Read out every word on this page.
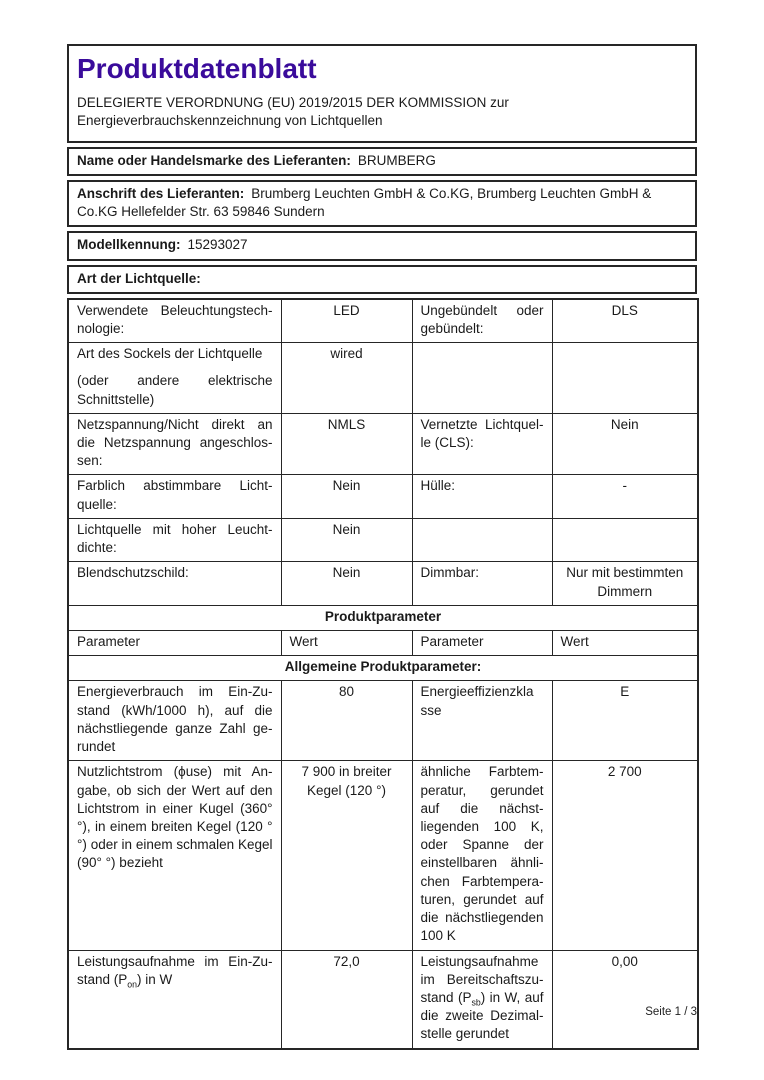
Produktdatenblatt

DELEGIERTE VERORDNUNG (EU) 2019/2015 DER KOMMISSION zur Energieverbrauchskennzeichnung von Lichtquellen

Name oder Handelsmarke des Lieferanten: BRUMBERG

Anschrift des Lieferanten: Brumberg Leuchten GmbH & Co.KG, Brumberg Leuchten GmbH & Co.KG Hellefelder Str. 63 59846 Sundern

Modellkennung: 15293027

Art der Lichtquelle:

Verwendete Beleuchtungstechnologie:	LED	Ungebündelt oder gebündelt:	DLS

Art des Sockels der Lichtquelle
(oder andere elektrische Schnittstelle)	wired		
Netzspannung/Nicht direkt an die Netzspannung angeschlossen:	NMLS	Vernetzte Lichtquelle (CLS):	Nein
Farblich abstimmbare Lichtquelle:	Nein	Hülle:	-
Lichtquelle mit hoher Leuchtdichte:	Nein		
Blendschutzschild:	Nein	Dimmbar:	Nur mit bestimmten Dimmern
Produktparameter			
Parameter	Wert	Parameter	Wert
Allgemeine Produktparameter:			
Energieverbrauch im Ein-Zustand (kWh/1000 h), auf die nächstliegende ganze Zahl gerundet	80	Energieeffizienzklasse	E
Nutzlichtstrom (ϕuse) mit Angabe, ob sich der Wert auf den Lichtstrom in einer Kugel (360° °), in einem breiten Kegel (120 °°) oder in einem schmalen Kegel (90° °) bezieht	7 900 in breiter Kegel (120 °)	ähnliche Farbtemperatur, gerundet auf die nächstliegenden 100 K, oder Spanne der einstellbaren ähnlichen Farbtemperaturen, gerundet auf die nächstliegenden 100 K	2 700
Leistungsaufnahme im Ein-Zustand $(P_{on})$ in W	72,0	Leistungsaufnahme im Bereitschaftszustand $(P_{sb})$ in W, auf die zweite Dezimalstelle gerundet	0,00
Seite 1 / 3
